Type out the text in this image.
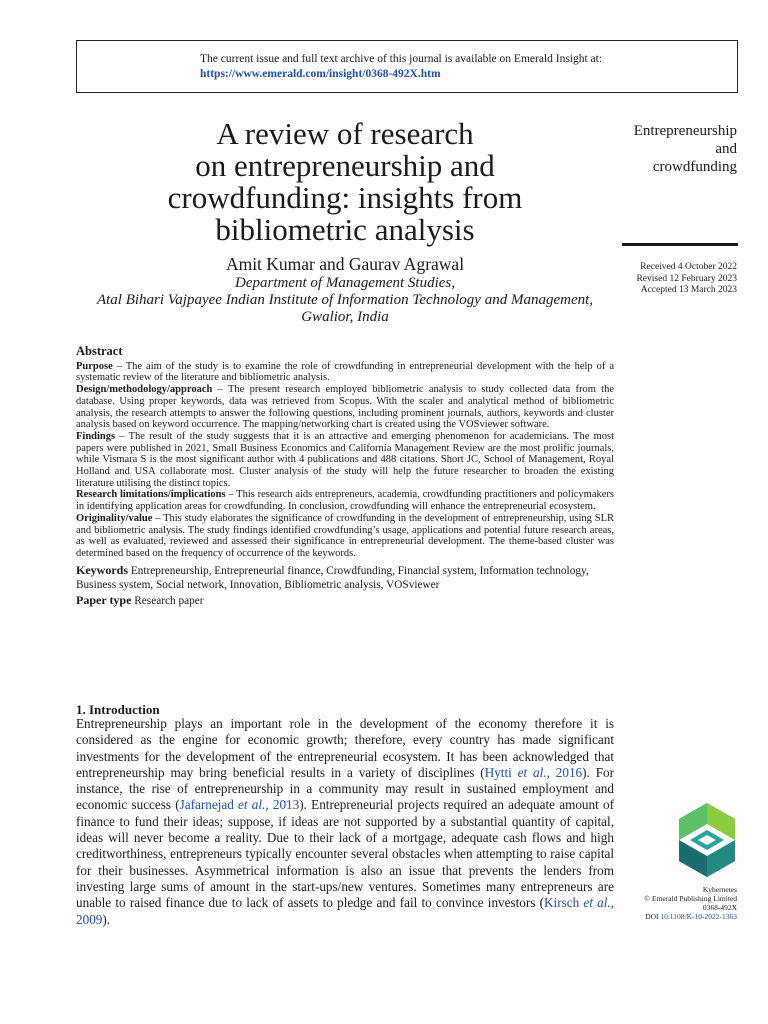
The current issue and full text archive of this journal is available on Emerald Insight at:
https://www.emerald.com/insight/0368-492X.htm
A review of research
on entrepreneurship and
crowdfunding: insights from
bibliometric analysis
Amit Kumar and Gaurav Agrawal
Department of Management Studies,
Atal Bihari Vajpayee Indian Institute of Information Technology and Management,
Gwalior, India
Entrepreneurship
and
crowdfunding
Received 4 October 2022
Revised 12 February 2023
Accepted 13 March 2023
Abstract

Purpose – The aim of the study is to examine the role of crowdfunding in entrepreneurial development with the help of a systematic review of the literature and bibliometric analysis.

Design/methodology/approach – The present research employed bibliometric analysis to study collected data from the database. Using proper keywords, data was retrieved from Scopus. With the scaler and analytical method of bibliometric analysis, the research attempts to answer the following questions, including prominent journals, authors, keywords and cluster analysis based on keyword occurrence. The mapping/networking chart is created using the VOSviewer software.

Findings – The result of the study suggests that it is an attractive and emerging phenomenon for academicians. The most papers were published in 2021, Small Business Economics and California Management Review are the most prolific journals, while Vismara S is the most significant author with 4 publications and 488 citations. Short JC, School of Management, Royal Holland and USA collaborate most. Cluster analysis of the study will help the future researcher to broaden the existing literature utilising the distinct topics.

Research limitations/implications – This research aids entrepreneurs, academia, crowdfunding practitioners and policymakers in identifying application areas for crowdfunding. In conclusion, crowdfunding will enhance the entrepreneurial ecosystem.

Originality/value – This study elaborates the significance of crowdfunding in the development of entrepreneurship, using SLR and bibliometric analysis. The study findings identified crowdfunding’s usage, applications and potential future research areas, as well as evaluated, reviewed and assessed their significance in entrepreneurial development. The theme-based cluster was determined based on the frequency of occurrence of the keywords.

Keywords Entrepreneurship, Entrepreneurial finance, Crowdfunding, Financial system, Information technology, Business system, Social network, Innovation, Bibliometric analysis, VOSviewer

Paper type Research paper

1. Introduction
Entrepreneurship plays an important role in the development of the economy therefore it is considered as the engine for economic growth; therefore, every country has made significant investments for the development of the entrepreneurial ecosystem. It has been acknowledged that entrepreneurship may bring beneficial results in a variety of disciplines (Hytti et al., 2016). For instance, the rise of entrepreneurship in a community may result in sustained employment and economic success (Jafarnejad et al., 2013). Entrepreneurial projects required an adequate amount of finance to fund their ideas; suppose, if ideas are not supported by a substantial quantity of capital, ideas will never become a reality. Due to their lack of a mortgage, adequate cash flows and high creditworthiness, entrepreneurs typically encounter several obstacles when attempting to raise capital for their businesses. Asymmetrical information is also an issue that prevents the lenders from investing large sums of amount in the start-ups/new ventures. Sometimes many entrepreneurs are unable to raised finance due to lack of assets to pledge and fail to convince investors (Kirsch et al., 2009).
Kybernetes
© Emerald Publishing Limited
0368-492X
DOI 10.1108/K-10-2022-1363
